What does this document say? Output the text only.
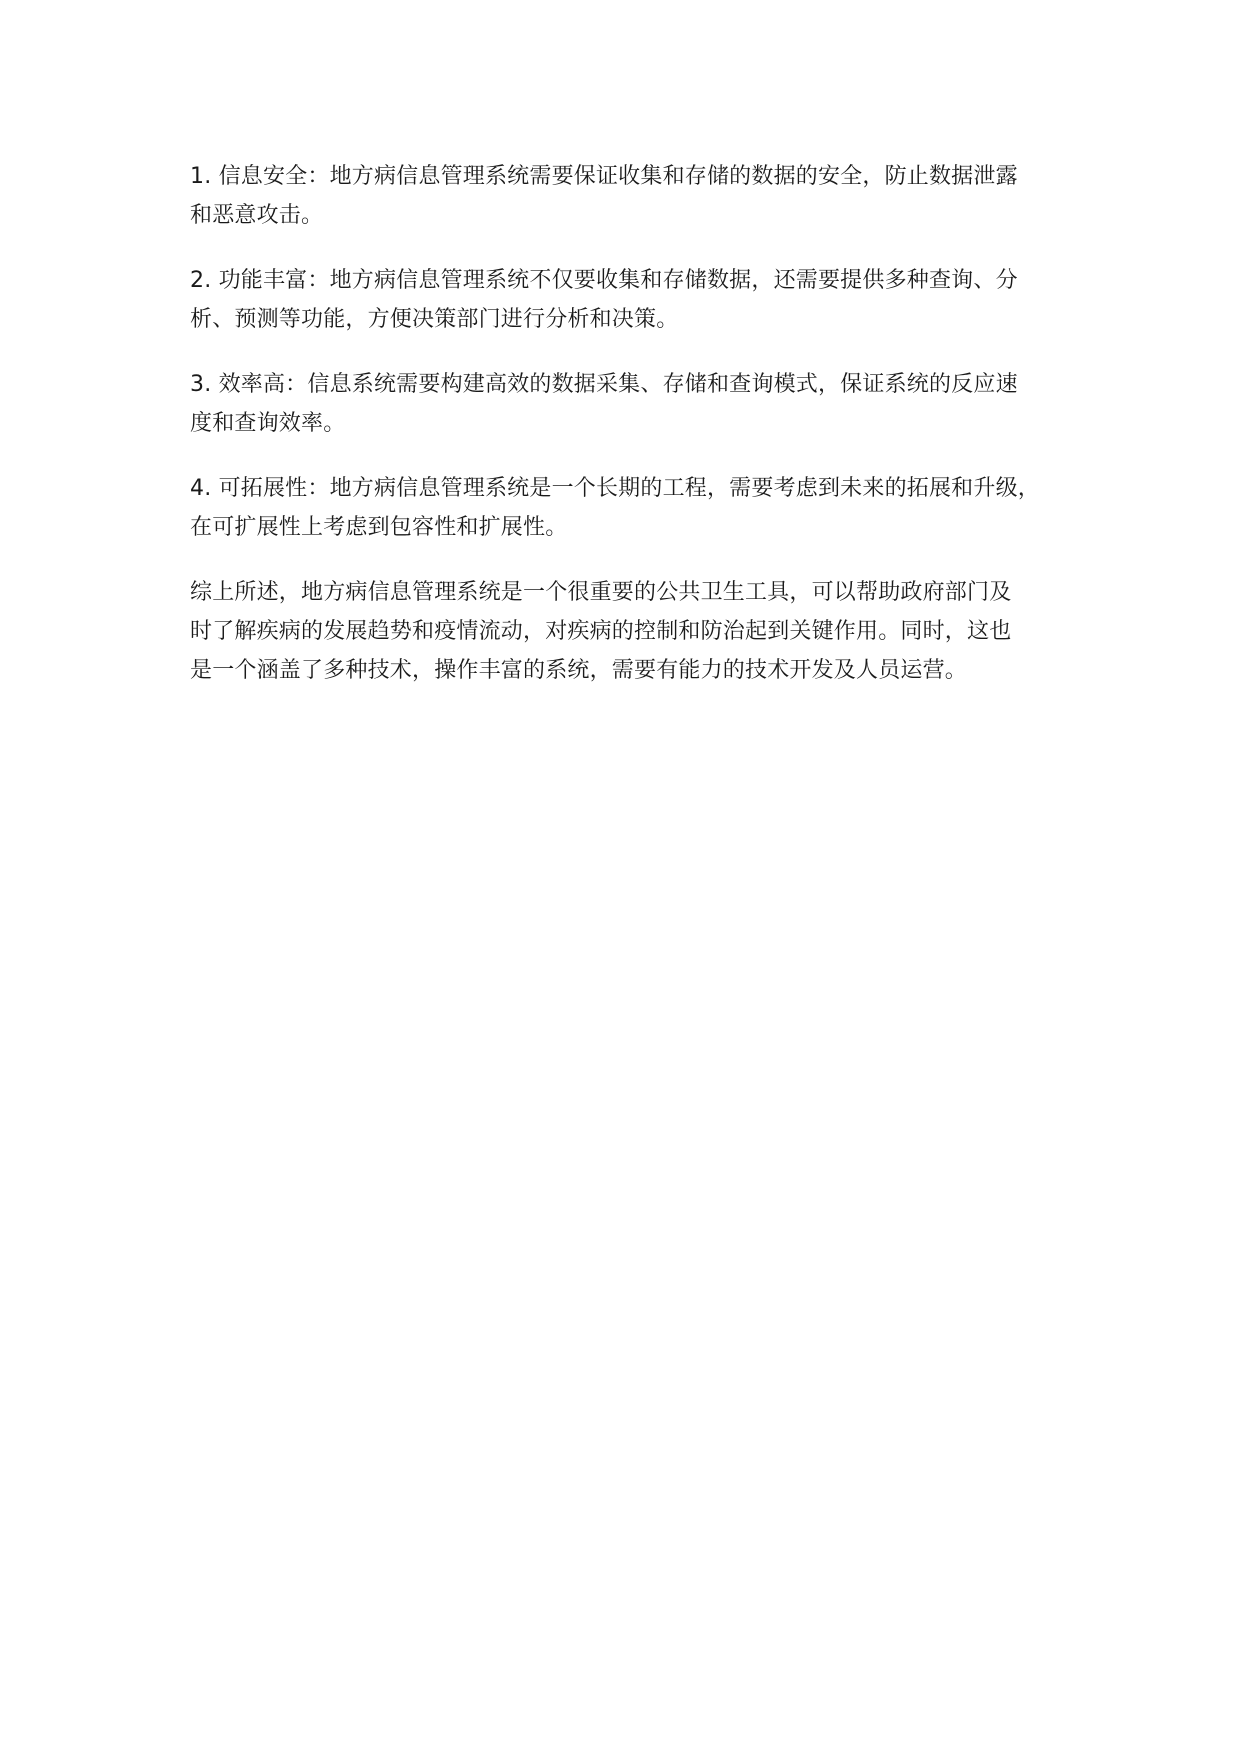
1. 信息安全：地方病信息管理系统需要保证收集和存储的数据的安全，防止数据泄露
和恶意攻击。

2. 功能丰富：地方病信息管理系统不仅要收集和存储数据，还需要提供多种查询、分
析、预测等功能，方便决策部门进行分析和决策。

3. 效率高：信息系统需要构建高效的数据采集、存储和查询模式，保证系统的反应速
度和查询效率。

4. 可拓展性：地方病信息管理系统是一个长期的工程，需要考虑到未来的拓展和升级，
在可扩展性上考虑到包容性和扩展性。

综上所述，地方病信息管理系统是一个很重要的公共卫生工具，可以帮助政府部门及
时了解疾病的发展趋势和疫情流动，对疾病的控制和防治起到关键作用。同时，这也
是一个涵盖了多种技术，操作丰富的系统，需要有能力的技术开发及人员运营。
